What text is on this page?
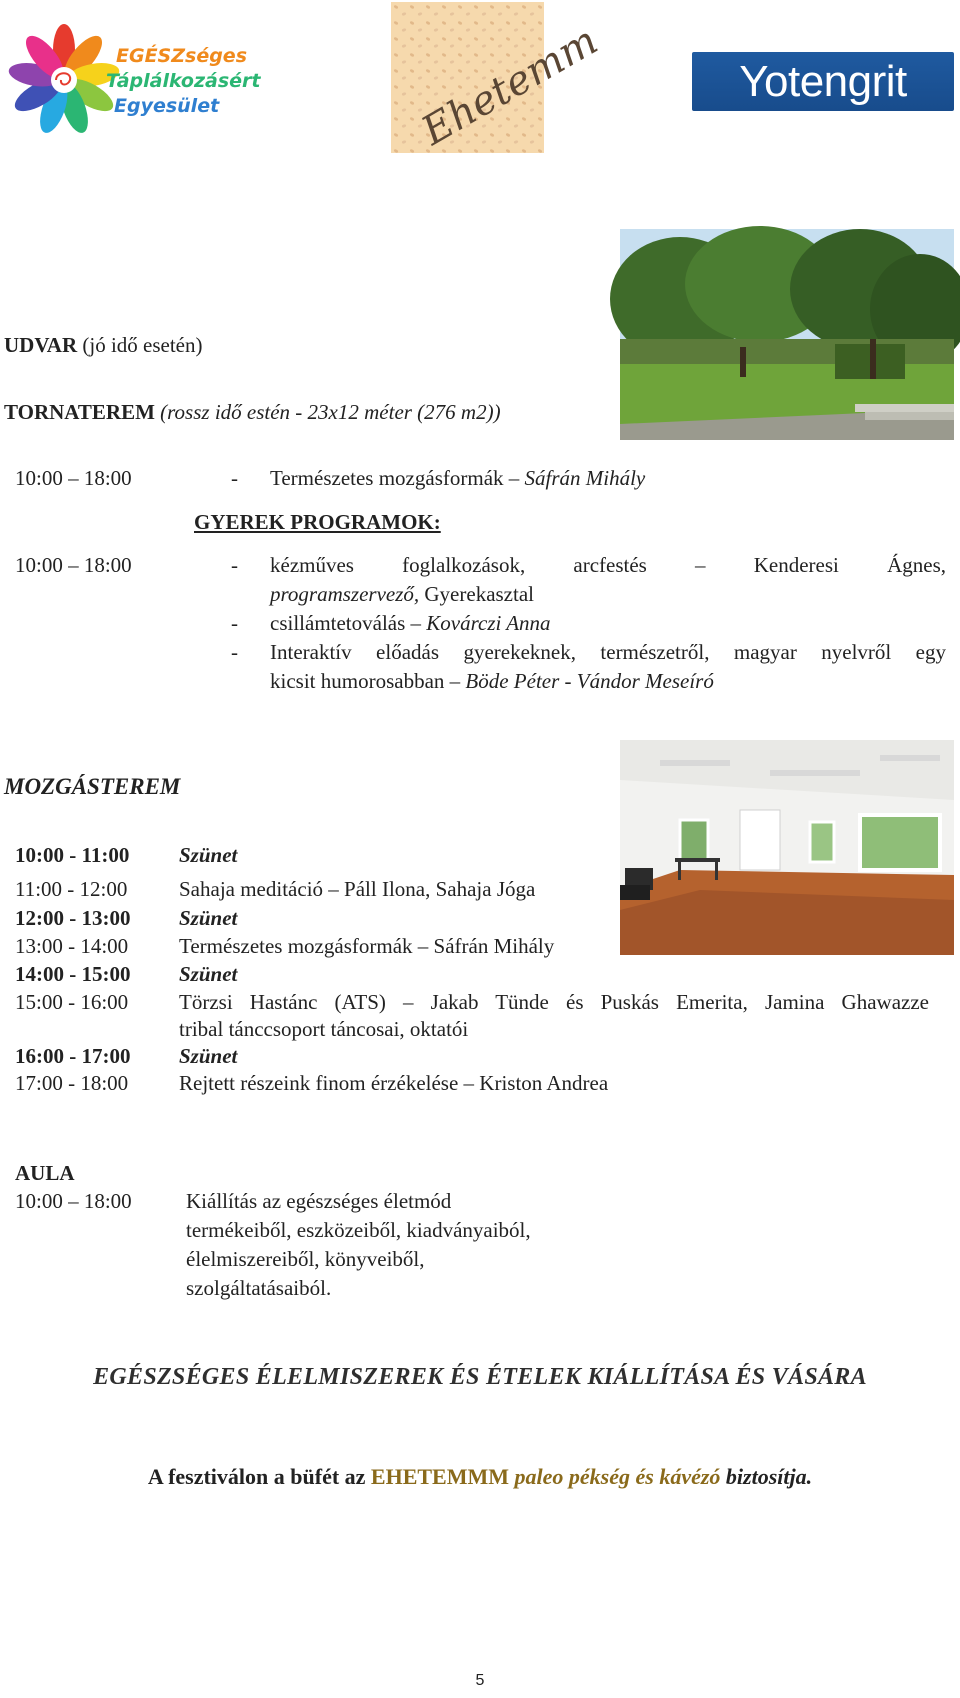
EGÉSZséges
Táplálkozásért
Egyesület	Ehetemm	Yotengrit
UDVAR (jó idő esetén)
TORNATEREM (rossz idő estén - 23x12 méter (276 m2))
10:00 – 18:00	- Természetes mozgásformák – Sáfrán Mihály
GYEREK PROGRAMOK:
10:00 – 18:00	- kézműves foglalkozások, arcfestés – Kenderesi Ágnes,
programszervező, Gyerekasztal
- csillámtetoválás – Kovárczi Anna
- Interaktív előadás gyerekeknek, természetről, magyar nyelvről egy
kicsit humorosabban – Böde Péter - Vándor Meseíró
MOZGÁSTEREM
10:00 - 11:00 Szünet
11:00 - 12:00 Sahaja meditáció – Páll Ilona, Sahaja Jóga
12:00 - 13:00 Szünet
13:00 - 14:00 Természetes mozgásformák – Sáfrán Mihály
14:00 - 15:00 Szünet
15:00 - 16:00 Törzsi Hastánc (ATS) – Jakab Tünde és Puskás Emerita, Jamina Ghawazze
tribal tánccsoport táncosai, oktatói
16:00 - 17:00 Szünet
17:00 - 18:00 Rejtett részeink finom érzékelése – Kriston Andrea
AULA
10:00 – 18:00	Kiállítás az egészséges életmód
termékeiből, eszközeiből, kiadványaiból,
élelmiszereiből, könyveiből,
szolgáltatásaiból.
EGÉSZSÉGES ÉLELMISZEREK ÉS ÉTELEK KIÁLLÍTÁSA ÉS VÁSÁRA
A fesztiválon a büfét az EHETEMMM paleo pékség és kávézó biztosítja.
5
